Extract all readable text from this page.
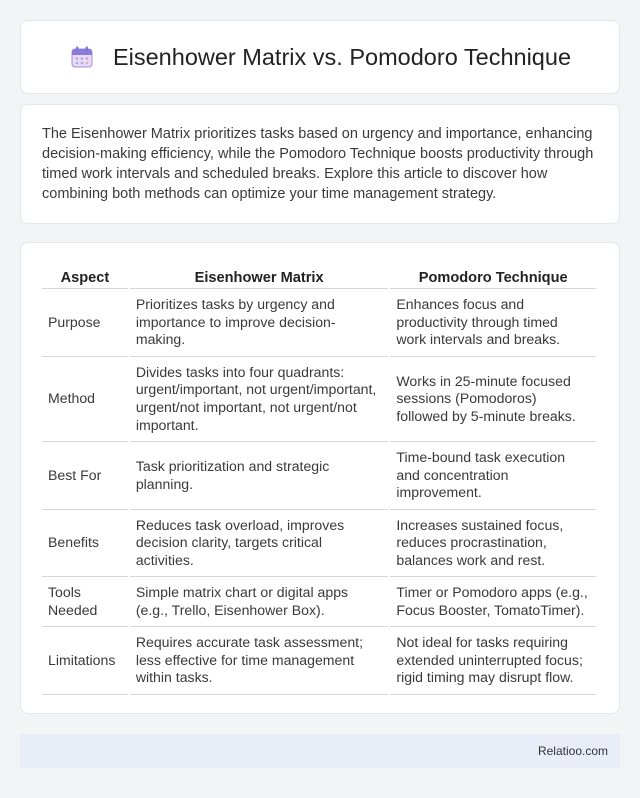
Eisenhower Matrix vs. Pomodoro Technique

The Eisenhower Matrix prioritizes tasks based on urgency and importance, enhancing decision-making efficiency, while the Pomodoro Technique boosts productivity through timed work intervals and scheduled breaks. Explore this article to discover how combining both methods can optimize your time management strategy.

Aspect	Eisenhower Matrix	Pomodoro Technique
Purpose	Prioritizes tasks by urgency and importance to improve decision-making.	Enhances focus and productivity through timed work intervals and breaks.
Method	Divides tasks into four quadrants: urgent/important, not urgent/important, urgent/not important, not urgent/not important.	Works in 25-minute focused sessions (Pomodoros) followed by 5-minute breaks.
Best For	Task prioritization and strategic planning.	Time-bound task execution and concentration improvement.
Benefits	Reduces task overload, improves decision clarity, targets critical activities.	Increases sustained focus, reduces procrastination, balances work and rest.
Tools Needed	Simple matrix chart or digital apps (e.g., Trello, Eisenhower Box).	Timer or Pomodoro apps (e.g., Focus Booster, TomatoTimer).
Limitations	Requires accurate task assessment; less effective for time management within tasks.	Not ideal for tasks requiring extended uninterrupted focus; rigid timing may disrupt flow.
Relatioo.com
